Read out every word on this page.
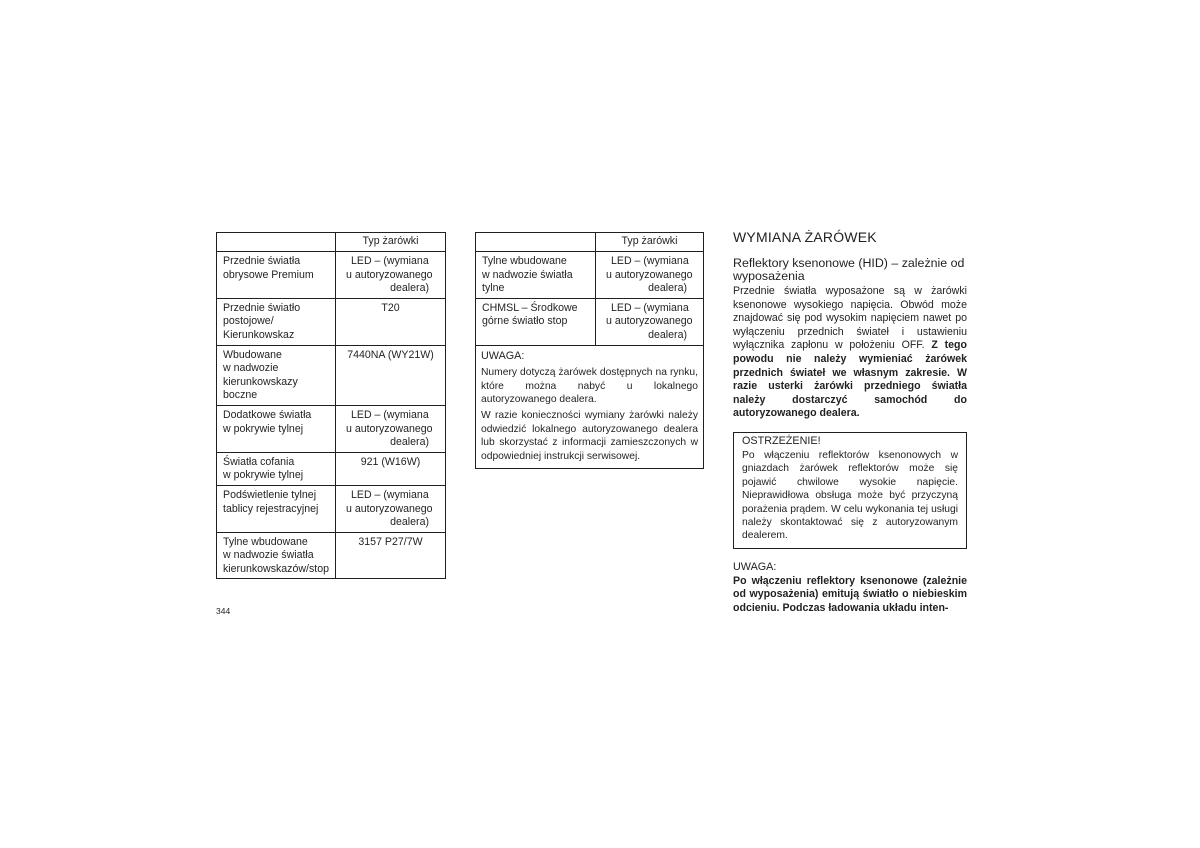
	Typ żarówki

Przednie światła
obrysowe Premium	LED – (wymiana
u autoryzowanego
dealera)

Przednie światło
postojowe/
Kierunkowskaz	T20

Wbudowane
w nadwozie
kierunkowskazy
boczne	7440NA (WY21W)

Dodatkowe światła
w pokrywie tylnej	LED – (wymiana
u autoryzowanego
dealera)

Światła cofania
w pokrywie tylnej	921 (W16W)

Podświetlenie tylnej
tablicy rejestracyjnej	LED – (wymiana
u autoryzowanego
dealera)

Tylne wbudowane
w nadwozie światła
kierunkowskazów/stop	3157 P27/7W
	Typ żarówki

Tylne wbudowane
w nadwozie światła
tylne	LED – (wymiana
u autoryzowanego
dealera)

CHMSL – Środkowe
górne światło stop	LED – (wymiana
u autoryzowanego
dealera)

UWAGA:

Numery dotyczą żarówek dostępnych na rynku, które można nabyć u lokalnego autoryzowanego dealera.

W razie konieczności wymiany żarówki należy odwiedzić lokalnego autoryzowanego dealera lub skorzystać z informacji zamieszczonych w odpowiedniej instrukcji serwisowej.	

WYMIANA ŻARÓWEK
Reflektory ksenonowe (HID) – zależnie od wyposażenia

Przednie światła wyposażone są w żarówki ksenonowe wysokiego napięcia. Obwód może znajdować się pod wysokim napięciem nawet po wyłączeniu przednich świateł i ustawieniu wyłącznika zapłonu w położeniu OFF. Z tego powodu nie należy wymieniać żarówek przednich świateł we własnym zakresie. W razie usterki żarówki przedniego światła należy dostarczyć samochód do autoryzowanego dealera.

OSTRZEŻENIE!

Po włączeniu reflektorów ksenonowych w gniazdach żarówek reflektorów może się pojawić chwilowe wysokie napięcie. Nieprawidłowa obsługa może być przyczyną porażenia prądem. W celu wykonania tej usługi należy skontaktować się z autoryzowanym dealerem.

UWAGA:

Po włączeniu reflektory ksenonowe (zależnie od wyposażenia) emitują światło o niebieskim odcieniu. Podczas ładowania układu inten-

344
